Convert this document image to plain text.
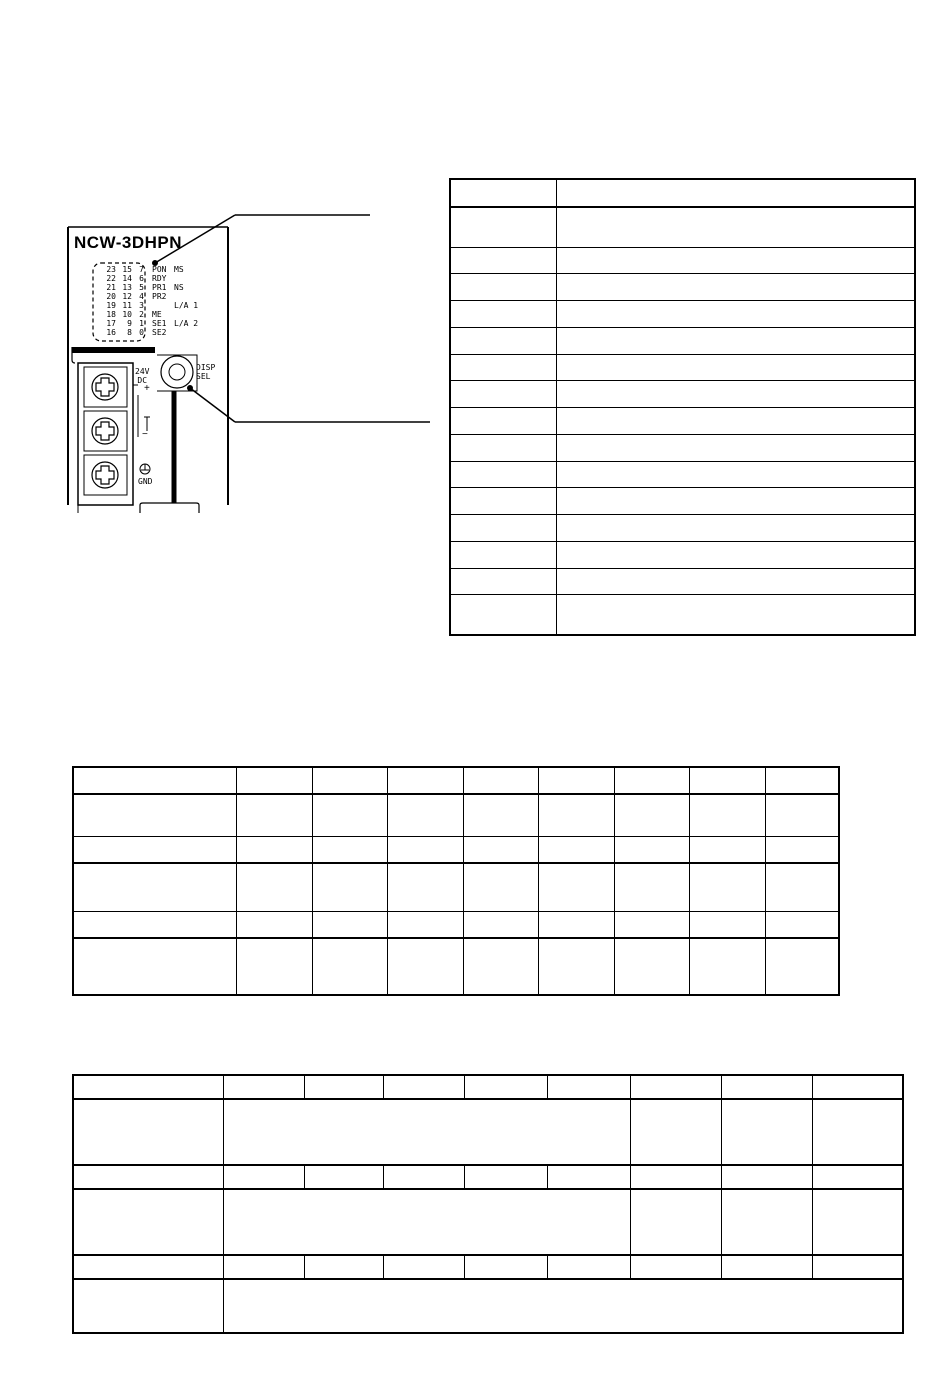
NCW-3DHPN
23
22
21
20
19
18
17
16
15
14
13
12
11
10
9
8
7
6
5
4
3
2
1
0
PON
RDY
PR1
PR2
ME
SE1
SE2
MS
NS
L/A 1
L/A 2
DISP
SEL
24V
DC
+
−
GND
